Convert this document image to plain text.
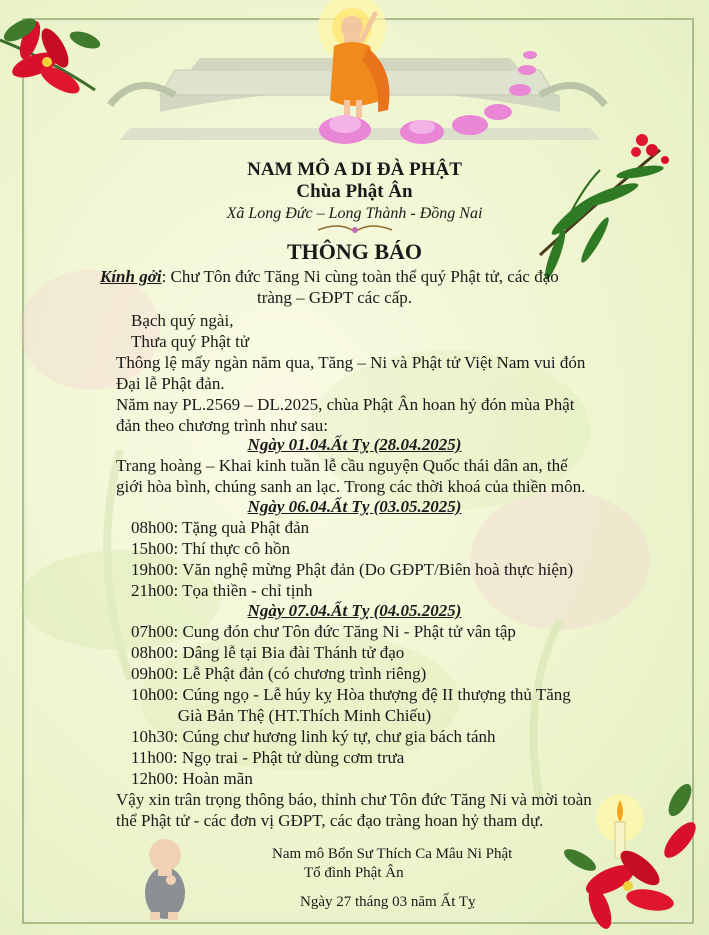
NAM MÔ A DI ĐÀ PHẬT
Chùa Phật Ân
Xã Long Đức – Long Thành - Đồng Nai
THÔNG BÁO
Kính gởi: Chư Tôn đức Tăng Ni cùng toàn thể quý Phật tử, các đạo
tràng – GĐPT các cấp.
Bạch quý ngài,
Thưa quý Phật tử
Thông lệ mấy ngàn năm qua, Tăng – Ni và Phật tử Việt Nam vui đón
Đại lễ Phật đản.
Năm nay PL.2569 – DL.2025, chùa Phật Ân hoan hỷ đón mùa Phật
đản theo chương trình như sau:
Ngày 01.04.Ất Tỵ (28.04.2025)
Trang hoàng – Khai kinh tuần lễ cầu nguyện Quốc thái dân an, thế
giới hòa bình, chúng sanh an lạc. Trong các thời khoá của thiền môn.
Ngày 06.04.Ất Tỵ (03.05.2025)
08h00: Tặng quà Phật đản
15h00: Thí thực cô hồn
19h00: Văn nghệ mừng Phật đản (Do GĐPT/Biên hoà thực hiện)
21h00: Tọa thiền - chỉ tịnh
Ngày 07.04.Ất Tỵ (04.05.2025)
07h00: Cung đón chư Tôn đức Tăng Ni - Phật tử vân tập
08h00: Dâng lễ tại Bia đài Thánh tử đạo
09h00: Lễ Phật đản (có chương trình riêng)
10h00: Cúng ngọ - Lễ húy kỵ Hòa thượng đệ II thượng thủ Tăng
Già Bản Thệ (HT.Thích Minh Chiếu)
10h30: Cúng chư hương linh ký tự, chư gia bách tánh
11h00: Ngọ trai - Phật tử dùng cơm trưa
12h00: Hoàn mãn
Vậy xin trân trọng thông báo, thỉnh chư Tôn đức Tăng Ni và mời toàn
thể Phật tử - các đơn vị GĐPT, các đạo tràng hoan hỷ tham dự.
Nam mô Bổn Sư Thích Ca Mâu Ni Phật
Tổ đình Phật Ân
Ngày 27 tháng 03 năm Ất Tỵ
